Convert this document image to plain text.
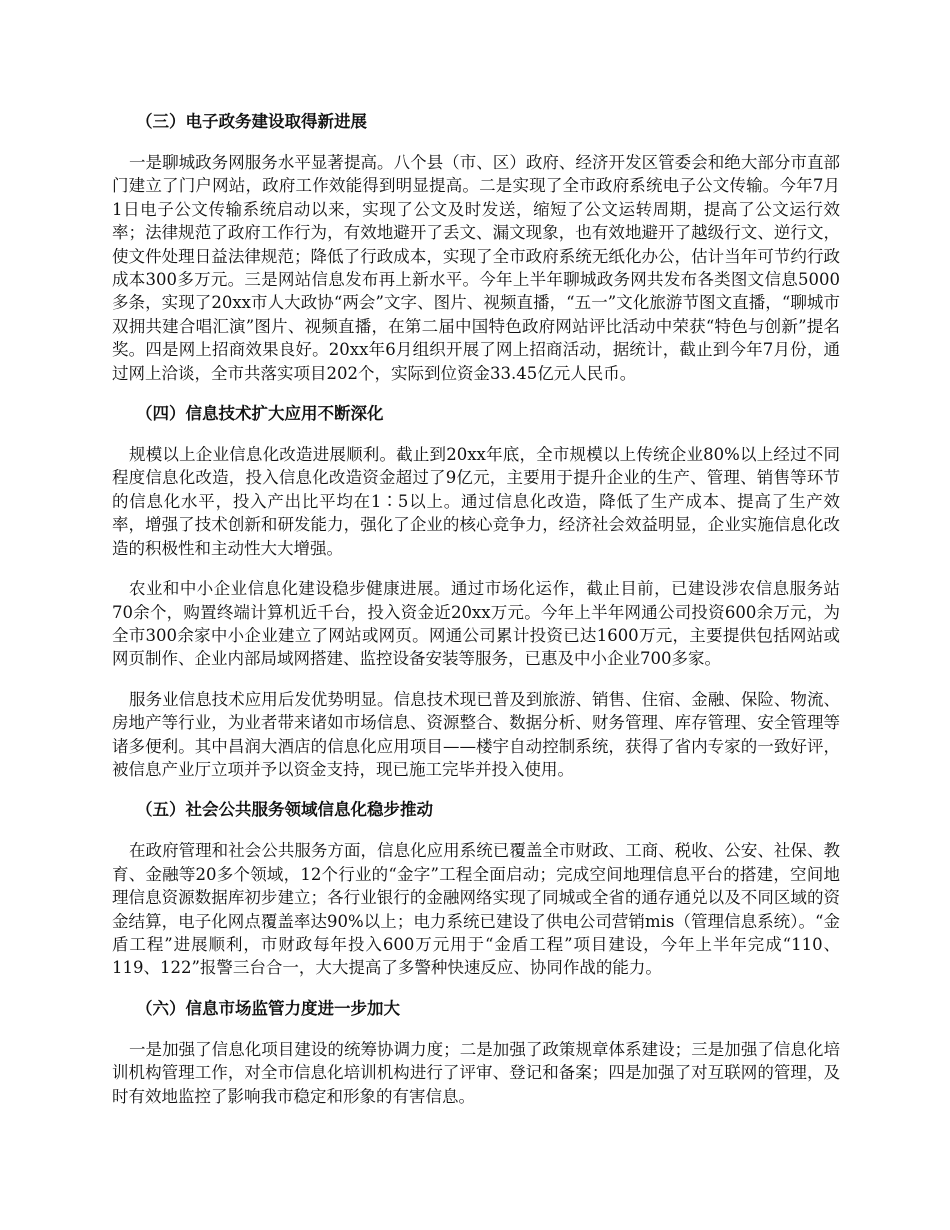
（三）电子政务建设取得新进展

一是聊城政务网服务水平显著提高。八个县（市、区）政府、经济开发区管委会和绝大部分市直部门建立了门户网站，政府工作效能得到明显提高。二是实现了全市政府系统电子公文传输。今年7月1日电子公文传输系统启动以来，实现了公文及时发送，缩短了公文运转周期，提高了公文运行效率；法律规范了政府工作行为，有效地避开了丢文、漏文现象，也有效地避开了越级行文、逆行文，使文件处理日益法律规范；降低了行政成本，实现了全市政府系统无纸化办公，估计当年可节约行政成本300多万元。三是网站信息发布再上新水平。今年上半年聊城政务网共发布各类图文信息5000多条，实现了20xx市人大政协“两会”文字、图片、视频直播，“五一”文化旅游节图文直播，“聊城市双拥共建合唱汇演”图片、视频直播，在第二届中国特色政府网站评比活动中荣获“特色与创新”提名奖。四是网上招商效果良好。20xx年6月组织开展了网上招商活动，据统计，截止到今年7月份，通过网上洽谈，全市共落实项目202个，实际到位资金33.45亿元人民币。

（四）信息技术扩大应用不断深化

规模以上企业信息化改造进展顺利。截止到20xx年底，全市规模以上传统企业80%以上经过不同程度信息化改造，投入信息化改造资金超过了9亿元，主要用于提升企业的生产、管理、销售等环节的信息化水平，投入产出比平均在1∶5以上。通过信息化改造，降低了生产成本、提高了生产效率，增强了技术创新和研发能力，强化了企业的核心竞争力，经济社会效益明显，企业实施信息化改造的积极性和主动性大大增强。

农业和中小企业信息化建设稳步健康进展。通过市场化运作，截止目前，已建设涉农信息服务站70余个，购置终端计算机近千台，投入资金近20xx万元。今年上半年网通公司投资600余万元，为全市300余家中小企业建立了网站或网页。网通公司累计投资已达1600万元，主要提供包括网站或网页制作、企业内部局域网搭建、监控设备安装等服务，已惠及中小企业700多家。

服务业信息技术应用后发优势明显。信息技术现已普及到旅游、销售、住宿、金融、保险、物流、房地产等行业，为业者带来诸如市场信息、资源整合、数据分析、财务管理、库存管理、安全管理等诸多便利。其中昌润大酒店的信息化应用项目——楼宇自动控制系统，获得了省内专家的一致好评，被信息产业厅立项并予以资金支持，现已施工完毕并投入使用。

（五）社会公共服务领域信息化稳步推动

在政府管理和社会公共服务方面，信息化应用系统已覆盖全市财政、工商、税收、公安、社保、教育、金融等20多个领域，12个行业的“金字”工程全面启动；完成空间地理信息平台的搭建，空间地理信息资源数据库初步建立；各行业银行的金融网络实现了同城或全省的通存通兑以及不同区域的资金结算，电子化网点覆盖率达90%以上；电力系统已建设了供电公司营销mis（管理信息系统）。“金盾工程”进展顺利，市财政每年投入600万元用于“金盾工程”项目建设，今年上半年完成“110、119、122”报警三台合一，大大提高了多警种快速反应、协同作战的能力。

（六）信息市场监管力度进一步加大

一是加强了信息化项目建设的统筹协调力度；二是加强了政策规章体系建设；三是加强了信息化培训机构管理工作，对全市信息化培训机构进行了评审、登记和备案；四是加强了对互联网的管理，及时有效地监控了影响我市稳定和形象的有害信息。
